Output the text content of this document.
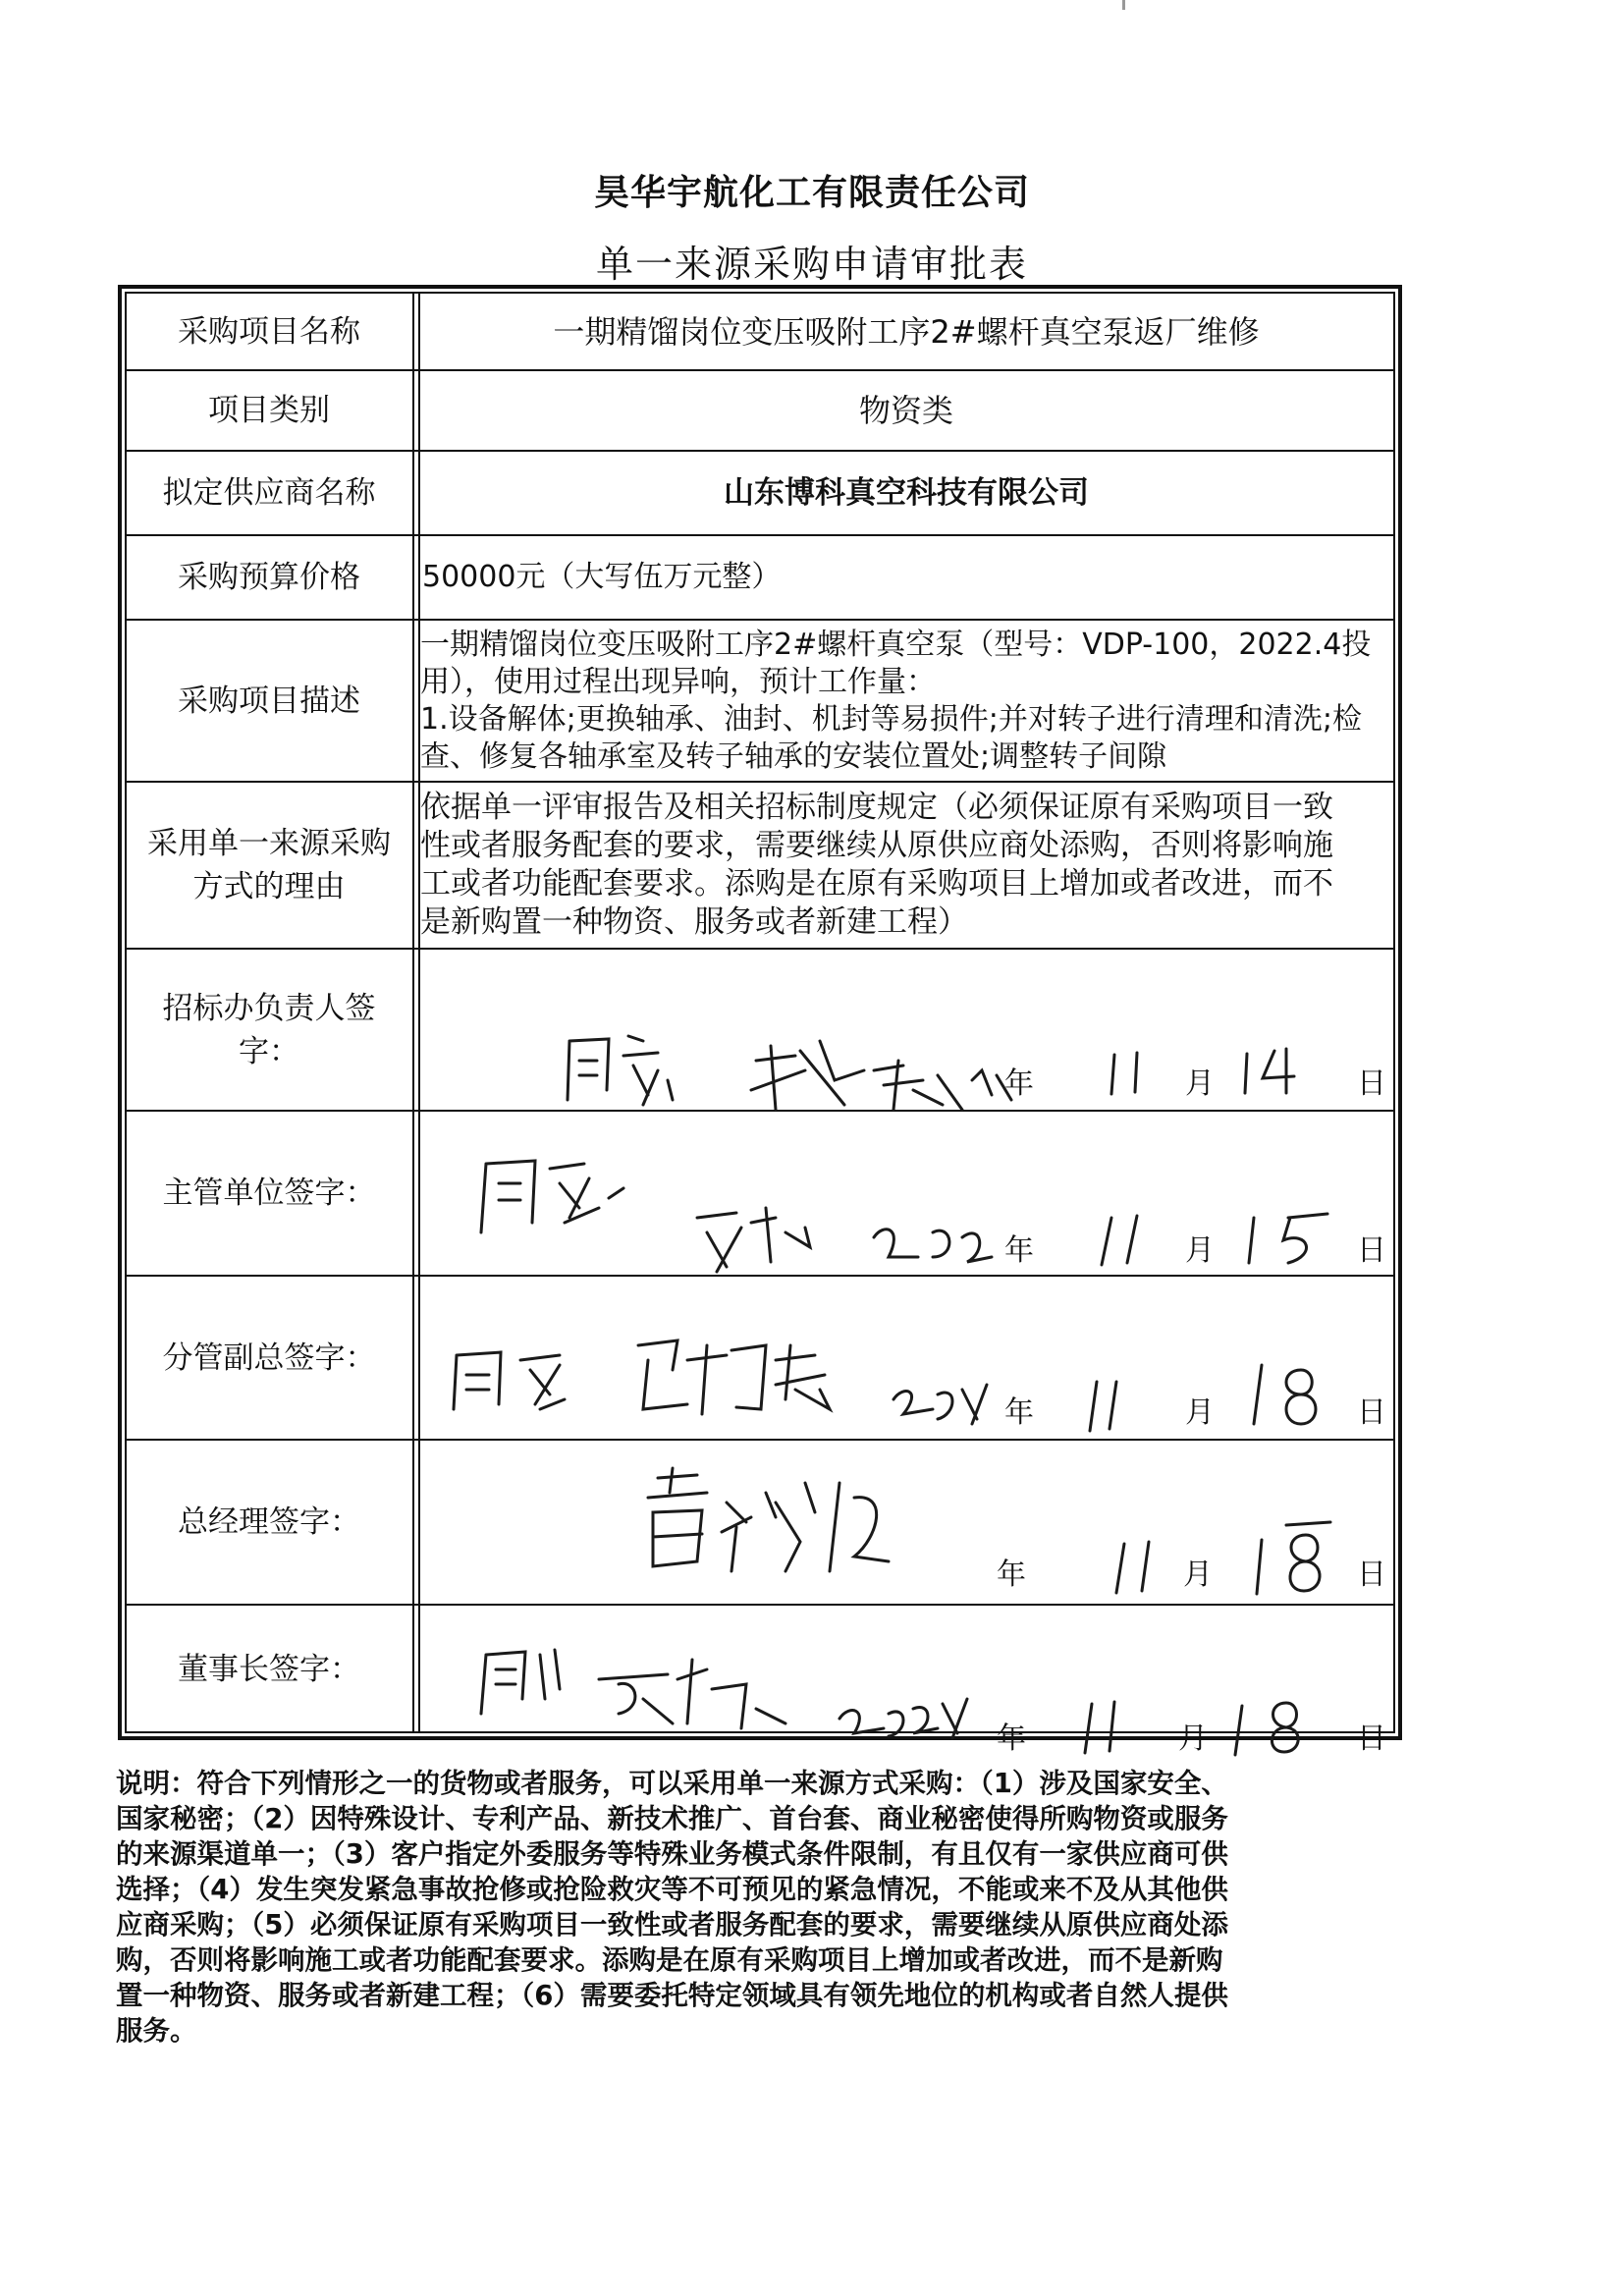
昊华宇航化工有限责任公司
单一来源采购申请审批表
采购项目名称	一期精馏岗位变压吸附工序2#螺杆真空泵返厂维修
项目类别	物资类
拟定供应商名称	山东博科真空科技有限公司
采购预算价格 50000元（大写伍万元整）
采购项目描述
一期精馏岗位变压吸附工序2#螺杆真空泵（型号：VDP-100，2022.4投
用），使用过程出现异响，预计工作量：
1.设备解体;更换轴承、油封、机封等易损件;并对转子进行清理和清洗;检
查、修复各轴承室及转子轴承的安装位置处;调整转子间隙
采用单一来源采购
方式的理由
依据单一评审报告及相关招标制度规定（必须保证原有采购项目一致
性或者服务配套的要求，需要继续从原供应商处添购，否则将影响施
工或者功能配套要求。添购是在原有采购项目上增加或者改进，而不
是新购置一种物资、服务或者新建工程）
招标办负责人签
字：
年	月	日
主管单位签字：
年	月	日
分管副总签字：
年	月	日
总经理签字：
年	月	日
董事长签字：
年	月	日
说明：符合下列情形之一的货物或者服务，可以采用单一来源方式采购：（1）涉及国家安全、
国家秘密；（2）因特殊设计、专利产品、新技术推广、首台套、商业秘密使得所购物资或服务
的来源渠道单一；（3）客户指定外委服务等特殊业务模式条件限制，有且仅有一家供应商可供
选择；（4）发生突发紧急事故抢修或抢险救灾等不可预见的紧急情况，不能或来不及从其他供
应商采购；（5）必须保证原有采购项目一致性或者服务配套的要求，需要继续从原供应商处添
购，否则将影响施工或者功能配套要求。添购是在原有采购项目上增加或者改进，而不是新购
置一种物资、服务或者新建工程；（6）需要委托特定领域具有领先地位的机构或者自然人提供
服务。
